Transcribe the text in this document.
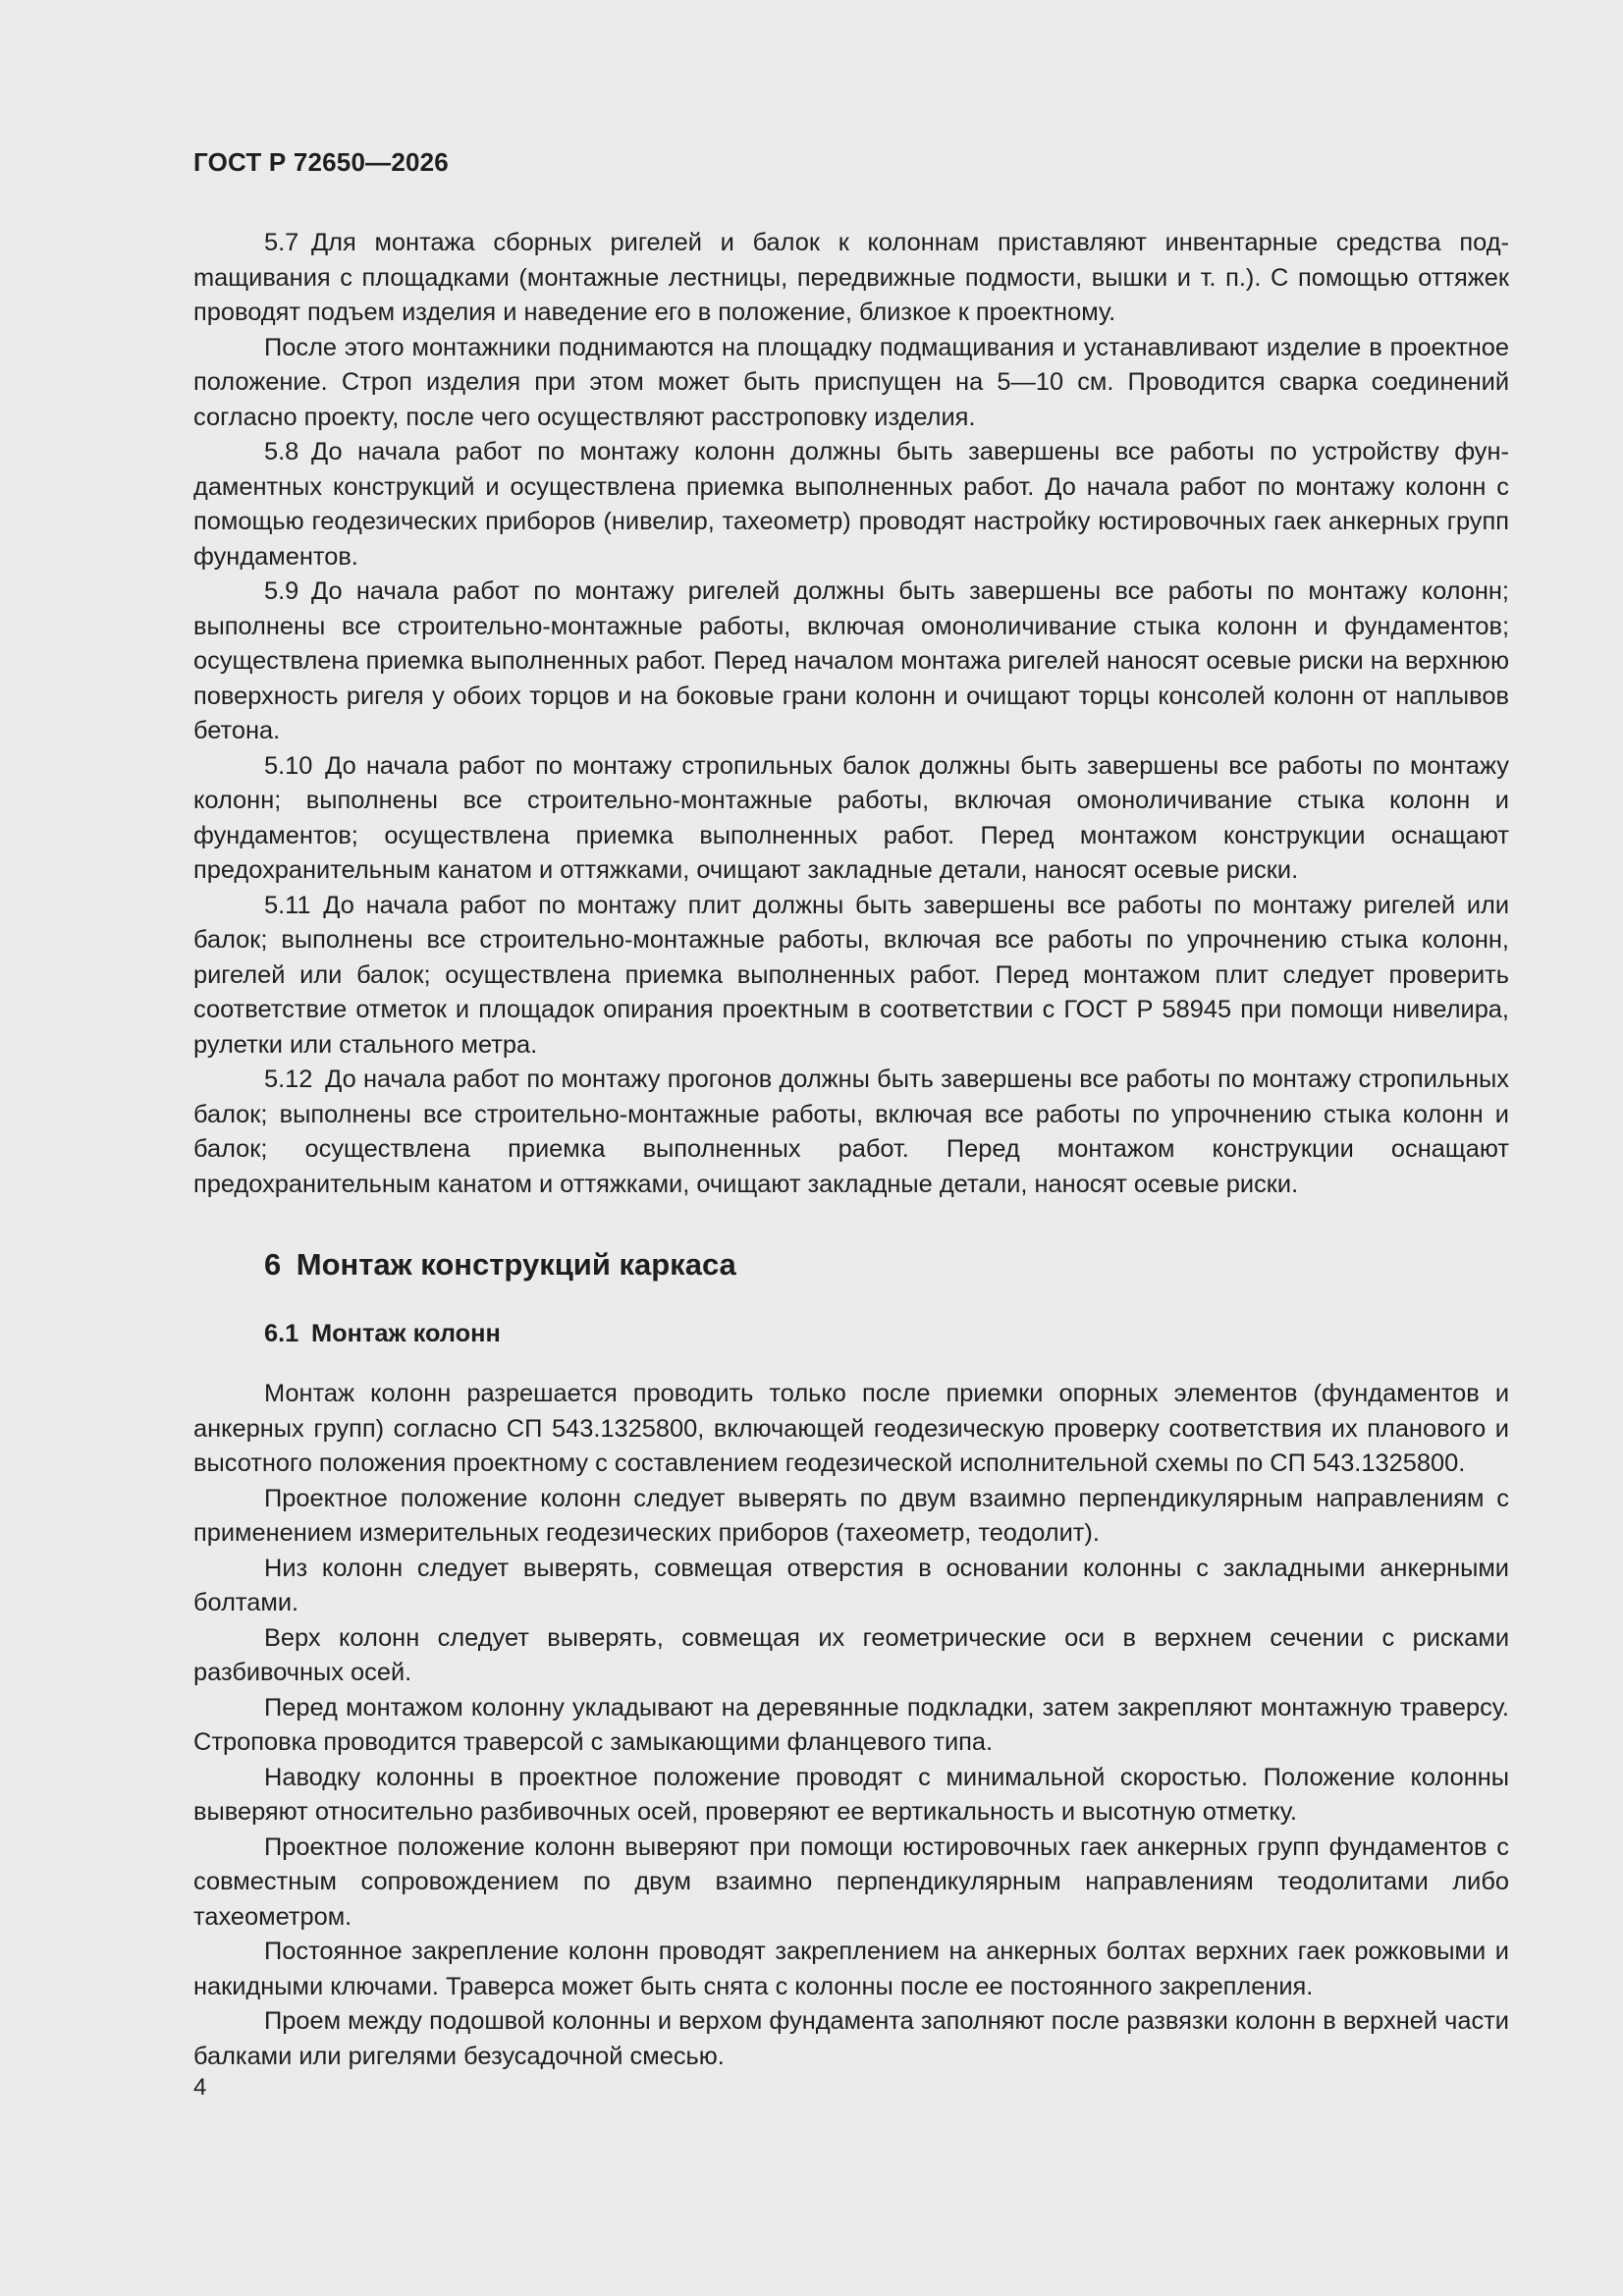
ГОСТ Р 72650—2026

5.7 Для монтажа сборных ригелей и балок к колоннам приставляют инвентарные средства подmащивания с площадками (монтажные лестницы, передвижные подмости, вышки и т. п.). С помощью оттяжек проводят подъем изделия и наведение его в положение, близкое к проектному.

После этого монтажники поднимаются на площадку подмащивания и устанавливают изделие в проектное положение. Строп изделия при этом может быть приспущен на 5—10 см. Проводится сварка соединений согласно проекту, после чего осуществляют расстроповку изделия.

5.8 До начала работ по монтажу колонн должны быть завершены все работы по устройству фундаментных конструкций и осуществлена приемка выполненных работ. До начала работ по монтажу колонн с помощью геодезических приборов (нивелир, тахеометр) проводят настройку юстировочных гаек анкерных групп фундаментов.

5.9 До начала работ по монтажу ригелей должны быть завершены все работы по монтажу колонн; выполнены все строительно-монтажные работы, включая омоноличивание стыка колонн и фундаментов; осуществлена приемка выполненных работ. Перед началом монтажа ригелей наносят осевые риски на верхнюю поверхность ригеля у обоих торцов и на боковые грани колонн и очищают торцы консолей колонн от наплывов бетона.

5.10 До начала работ по монтажу стропильных балок должны быть завершены все работы по монтажу колонн; выполнены все строительно-монтажные работы, включая омоноличивание стыка колонн и фундаментов; осуществлена приемка выполненных работ. Перед монтажом конструкции оснащают предохранительным канатом и оттяжками, очищают закладные детали, наносят осевые риски.

5.11 До начала работ по монтажу плит должны быть завершены все работы по монтажу ригелей или балок; выполнены все строительно-монтажные работы, включая все работы по упрочнению стыка колонн, ригелей или балок; осуществлена приемка выполненных работ. Перед монтажом плит следует проверить соответствие отметок и площадок опирания проектным в соответствии с ГОСТ Р 58945 при помощи нивелира, рулетки или стального метра.

5.12 До начала работ по монтажу прогонов должны быть завершены все работы по монтажу стропильных балок; выполнены все строительно-монтажные работы, включая все работы по упрочнению стыка колонн и балок; осуществлена приемка выполненных работ. Перед монтажом конструкции оснащают предохранительным канатом и оттяжками, очищают закладные детали, наносят осевые риски.

6 Монтаж конструкций каркаса
6.1 Монтаж колонн

Монтаж колонн разрешается проводить только после приемки опорных элементов (фундаментов и анкерных групп) согласно СП 543.1325800, включающей геодезическую проверку соответствия их планового и высотного положения проектному с составлением геодезической исполнительной схемы по СП 543.1325800.

Проектное положение колонн следует выверять по двум взаимно перпендикулярным направлениям с применением измерительных геодезических приборов (тахеометр, теодолит).

Низ колонн следует выверять, совмещая отверстия в основании колонны с закладными анкерными болтами.

Верх колонн следует выверять, совмещая их геометрические оси в верхнем сечении с рисками разбивочных осей.

Перед монтажом колонну укладывают на деревянные подкладки, затем закрепляют монтажную траверсу. Строповка проводится траверсой с замыкающими фланцевого типа.

Наводку колонны в проектное положение проводят с минимальной скоростью. Положение колонны выверяют относительно разбивочных осей, проверяют ее вертикальность и высотную отметку.

Проектное положение колонн выверяют при помощи юстировочных гаек анкерных групп фундаментов с совместным сопровождением по двум взаимно перпендикулярным направлениям теодолитами либо тахеометром.

Постоянное закрепление колонн проводят закреплением на анкерных болтах верхних гаек рожковыми и накидными ключами. Траверса может быть снята с колонны после ее постоянного закрепления.

Проем между подошвой колонны и верхом фундамента заполняют после развязки колонн в верхней части балками или ригелями безусадочной смесью.

4
